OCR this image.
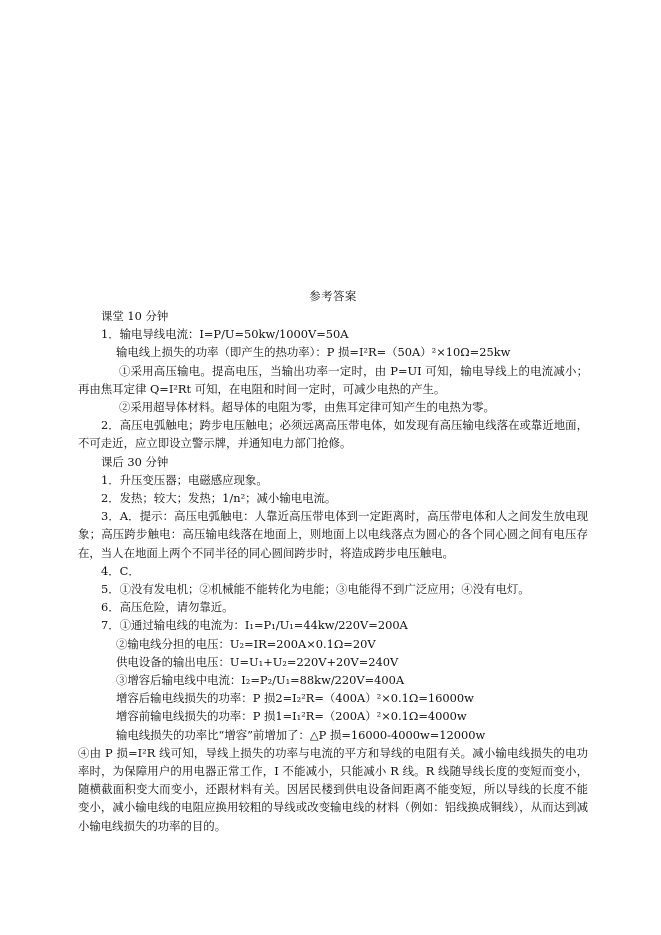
参考答案
课堂 10 分钟
1．输电导线电流：I=P/U=50kw/1000V=50A
输电线上损失的功率（即产生的热功率）：P 损=I²R=（50A）²×10Ω=25kw
①采用高压输电。提高电压，当输出功率一定时，由 P=UI 可知，输电导线上的电流减小；再由焦耳定律 Q=I²Rt 可知，在电阻和时间一定时，可减少电热的产生。
②采用超导体材料。超导体的电阻为零，由焦耳定律可知产生的电热为零。
2．高压电弧触电；跨步电压触电；必须远离高压带电体，如发现有高压输电线落在或靠近地面，不可走近，应立即设立警示牌，并通知电力部门抢修。
课后 30 分钟
1．升压变压器；电磁感应现象。
2．发热；较大；发热；1/n²；减小输电电流。
3．A．提示：高压电弧触电：人靠近高压带电体到一定距离时，高压带电体和人之间发生放电现象；高压跨步触电：高压输电线落在地面上，则地面上以电线落点为圆心的各个同心圆之间有电压存在，当人在地面上两个不同半径的同心圆间跨步时，将造成跨步电压触电。
4．C．
5．①没有发电机；②机械能不能转化为电能；③电能得不到广泛应用；④没有电灯。
6．高压危险，请勿靠近。
7．①通过输电线的电流为：I₁=P₁/U₁=44kw/220V=200A
②输电线分担的电压：U₂=IR=200A×0.1Ω=20V
供电设备的输出电压：U=U₁+U₂=220V+20V=240V
③增容后输电线中电流：I₂=P₂/U₁=88kw/220V=400A
增容后输电线损失的功率：P 损2=I₂²R=（400A）²×0.1Ω=16000w
增容前输电线损失的功率：P 损1=I₁²R=（200A）²×0.1Ω=4000w
输电线损失的功率比“增容”前增加了：△P 损=16000-4000w=12000w
④由 P 损=I²R 线可知，导线上损失的功率与电流的平方和导线的电阻有关。减小输电线损失的电功率时，为保障用户的用电器正常工作，I 不能减小，只能减小 R 线。R 线随导线长度的变短而变小，随横截面积变大而变小，还跟材料有关。因居民楼到供电设备间距离不能变短，所以导线的长度不能变小，减小输电线的电阻应换用较粗的导线或改变输电线的材料（例如：铝线换成铜线），从而达到减小输电线损失的功率的目的。
